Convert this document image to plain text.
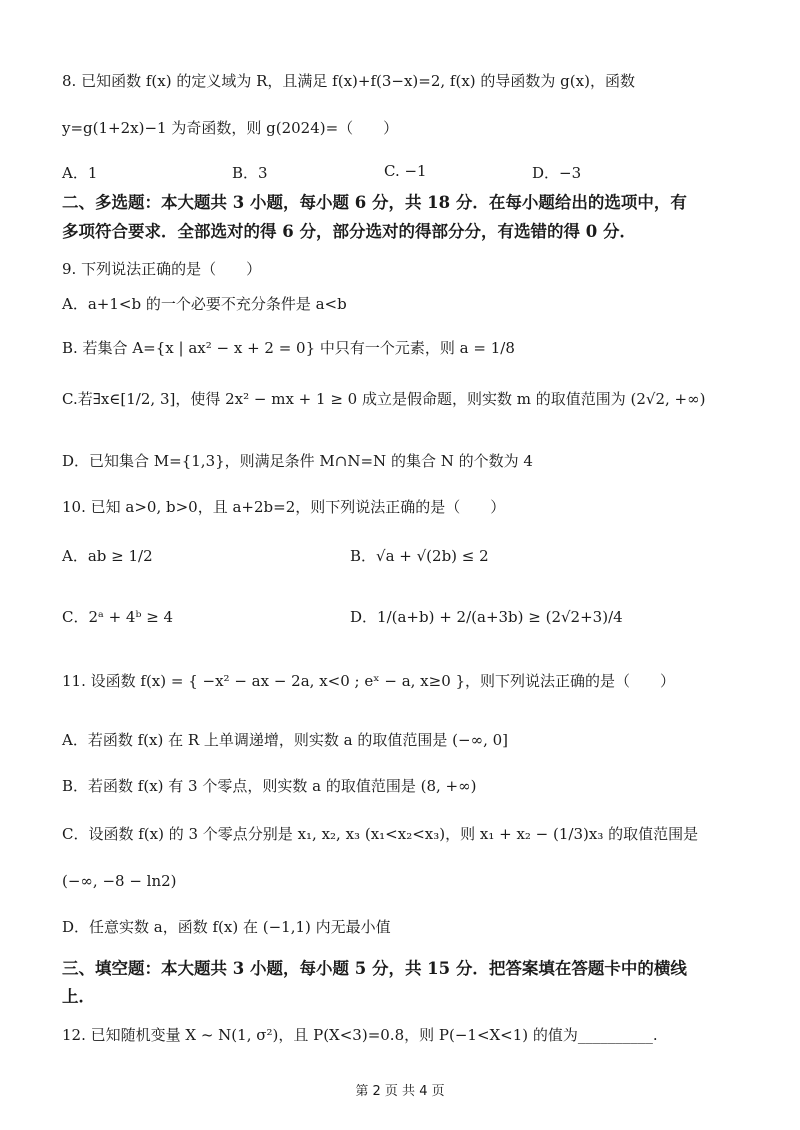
8. 已知函数 f(x) 的定义域为 R，且满足 f(x)+f(3−x)=2, f(x) 的导函数为 g(x)，函数
y=g(1+2x)−1 为奇函数，则 g(2024)=（　　）
A．1	B．3	C. −1	D．−3
二、多选题：本大题共 3 小题，每小题 6 分，共 18 分．在每小题给出的选项中，有
多项符合要求．全部选对的得 6 分，部分选对的得部分分，有选错的得 0 分．
9. 下列说法正确的是（　　）
A．a+1<b 的一个必要不充分条件是 a<b
B. 若集合 A={x | ax² − x + 2 = 0} 中只有一个元素，则 a = 1/8
C.若∃x∈[1/2, 3]，使得 2x² − mx + 1 ≥ 0 成立是假命题，则实数 m 的取值范围为 (2√2, +∞)
D．已知集合 M={1,3}，则满足条件 M∩N=N 的集合 N 的个数为 4
10. 已知 a>0, b>0，且 a+2b=2，则下列说法正确的是（　　）
A．ab ≥ 1/2	B．√a + √(2b) ≤ 2
C．2ᵃ + 4ᵇ ≥ 4	D．1/(a+b) + 2/(a+3b) ≥ (2√2+3)/4
11. 设函数 f(x) = { −x² − ax − 2a, x<0 ; eˣ − a, x≥0 }，则下列说法正确的是（　　）
A．若函数 f(x) 在 R 上单调递增，则实数 a 的取值范围是 (−∞, 0]
B．若函数 f(x) 有 3 个零点，则实数 a 的取值范围是 (8, +∞)
C．设函数 f(x) 的 3 个零点分别是 x₁, x₂, x₃ (x₁<x₂<x₃)，则 x₁ + x₂ − (1/3)x₃ 的取值范围是
(−∞, −8 − ln2)
D．任意实数 a，函数 f(x) 在 (−1,1) 内无最小值
三、填空题：本大题共 3 小题，每小题 5 分，共 15 分．把答案填在答题卡中的横线
上．
12. 已知随机变量 X ~ N(1, σ²)，且 P(X<3)=0.8，则 P(−1<X<1) 的值为__________.
第 2 页 共 4 页
